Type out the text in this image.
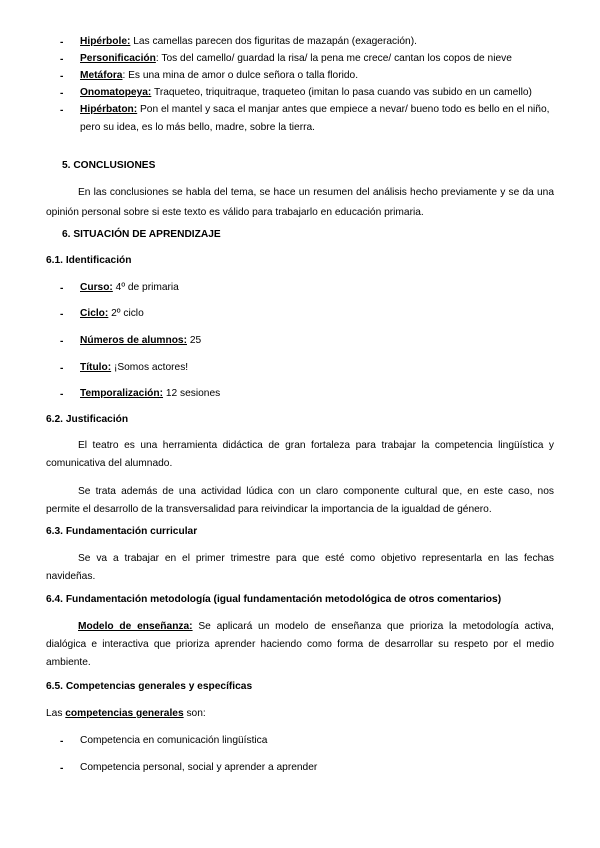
- Hipérbole: Las camellas parecen dos figuritas de mazapán (exageración).
- Personificación: Tos del camello/ guardad la risa/ la pena me crece/ cantan los copos de nieve
- Metáfora: Es una mina de amor o dulce señora o talla florido.
- Onomatopeya: Traqueteo, triquitraque, traqueteo (imitan lo pasa cuando vas subido en un camello)
- Hipérbaton: Pon el mantel y saca el manjar antes que empiece a nevar/ bueno todo es bello en el niño, pero su idea, es lo más bello, madre, sobre la tierra.
5. CONCLUSIONES
En las conclusiones se habla del tema, se hace un resumen del análisis hecho previamente y se da una opinión personal sobre si este texto es válido para trabajarlo en educación primaria.
6. SITUACIÓN DE APRENDIZAJE
6.1. Identificación
- Curso: 4º de primaria
- Ciclo: 2º ciclo
- Números de alumnos: 25
- Título: ¡Somos actores!
- Temporalización: 12 sesiones
6.2. Justificación
El teatro es una herramienta didáctica de gran fortaleza para trabajar la competencia lingüística y comunicativa del alumnado.
Se trata además de una actividad lúdica con un claro componente cultural que, en este caso, nos permite el desarrollo de la transversalidad para reivindicar la importancia de la igualdad de género.
6.3. Fundamentación curricular
Se va a trabajar en el primer trimestre para que esté como objetivo representarla en las fechas navideñas.
6.4. Fundamentación metodología (igual fundamentación metodológica de otros comentarios)
Modelo de enseñanza: Se aplicará un modelo de enseñanza que prioriza la metodología activa, dialógica e interactiva que prioriza aprender haciendo como forma de desarrollar su respeto por el medio ambiente.
6.5. Competencias generales y específicas
Las competencias generales son:
- Competencia en comunicación lingüística
- Competencia personal, social y aprender a aprender
